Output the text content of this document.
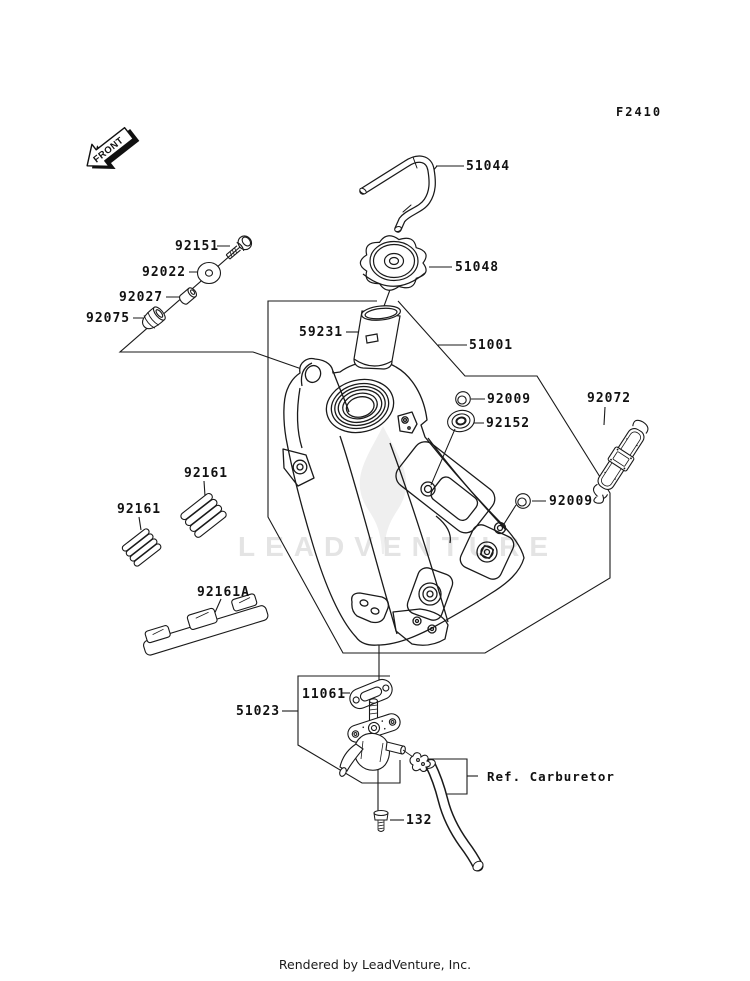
FRONT
LEADVENTURE
F2410
51044
51048
59231
51001
92151
92022
92027
92075
92009
92152
92072
92009
92161
92161
92161A
11061
51023
132
Ref. Carburetor
Rendered by LeadVenture, Inc.
